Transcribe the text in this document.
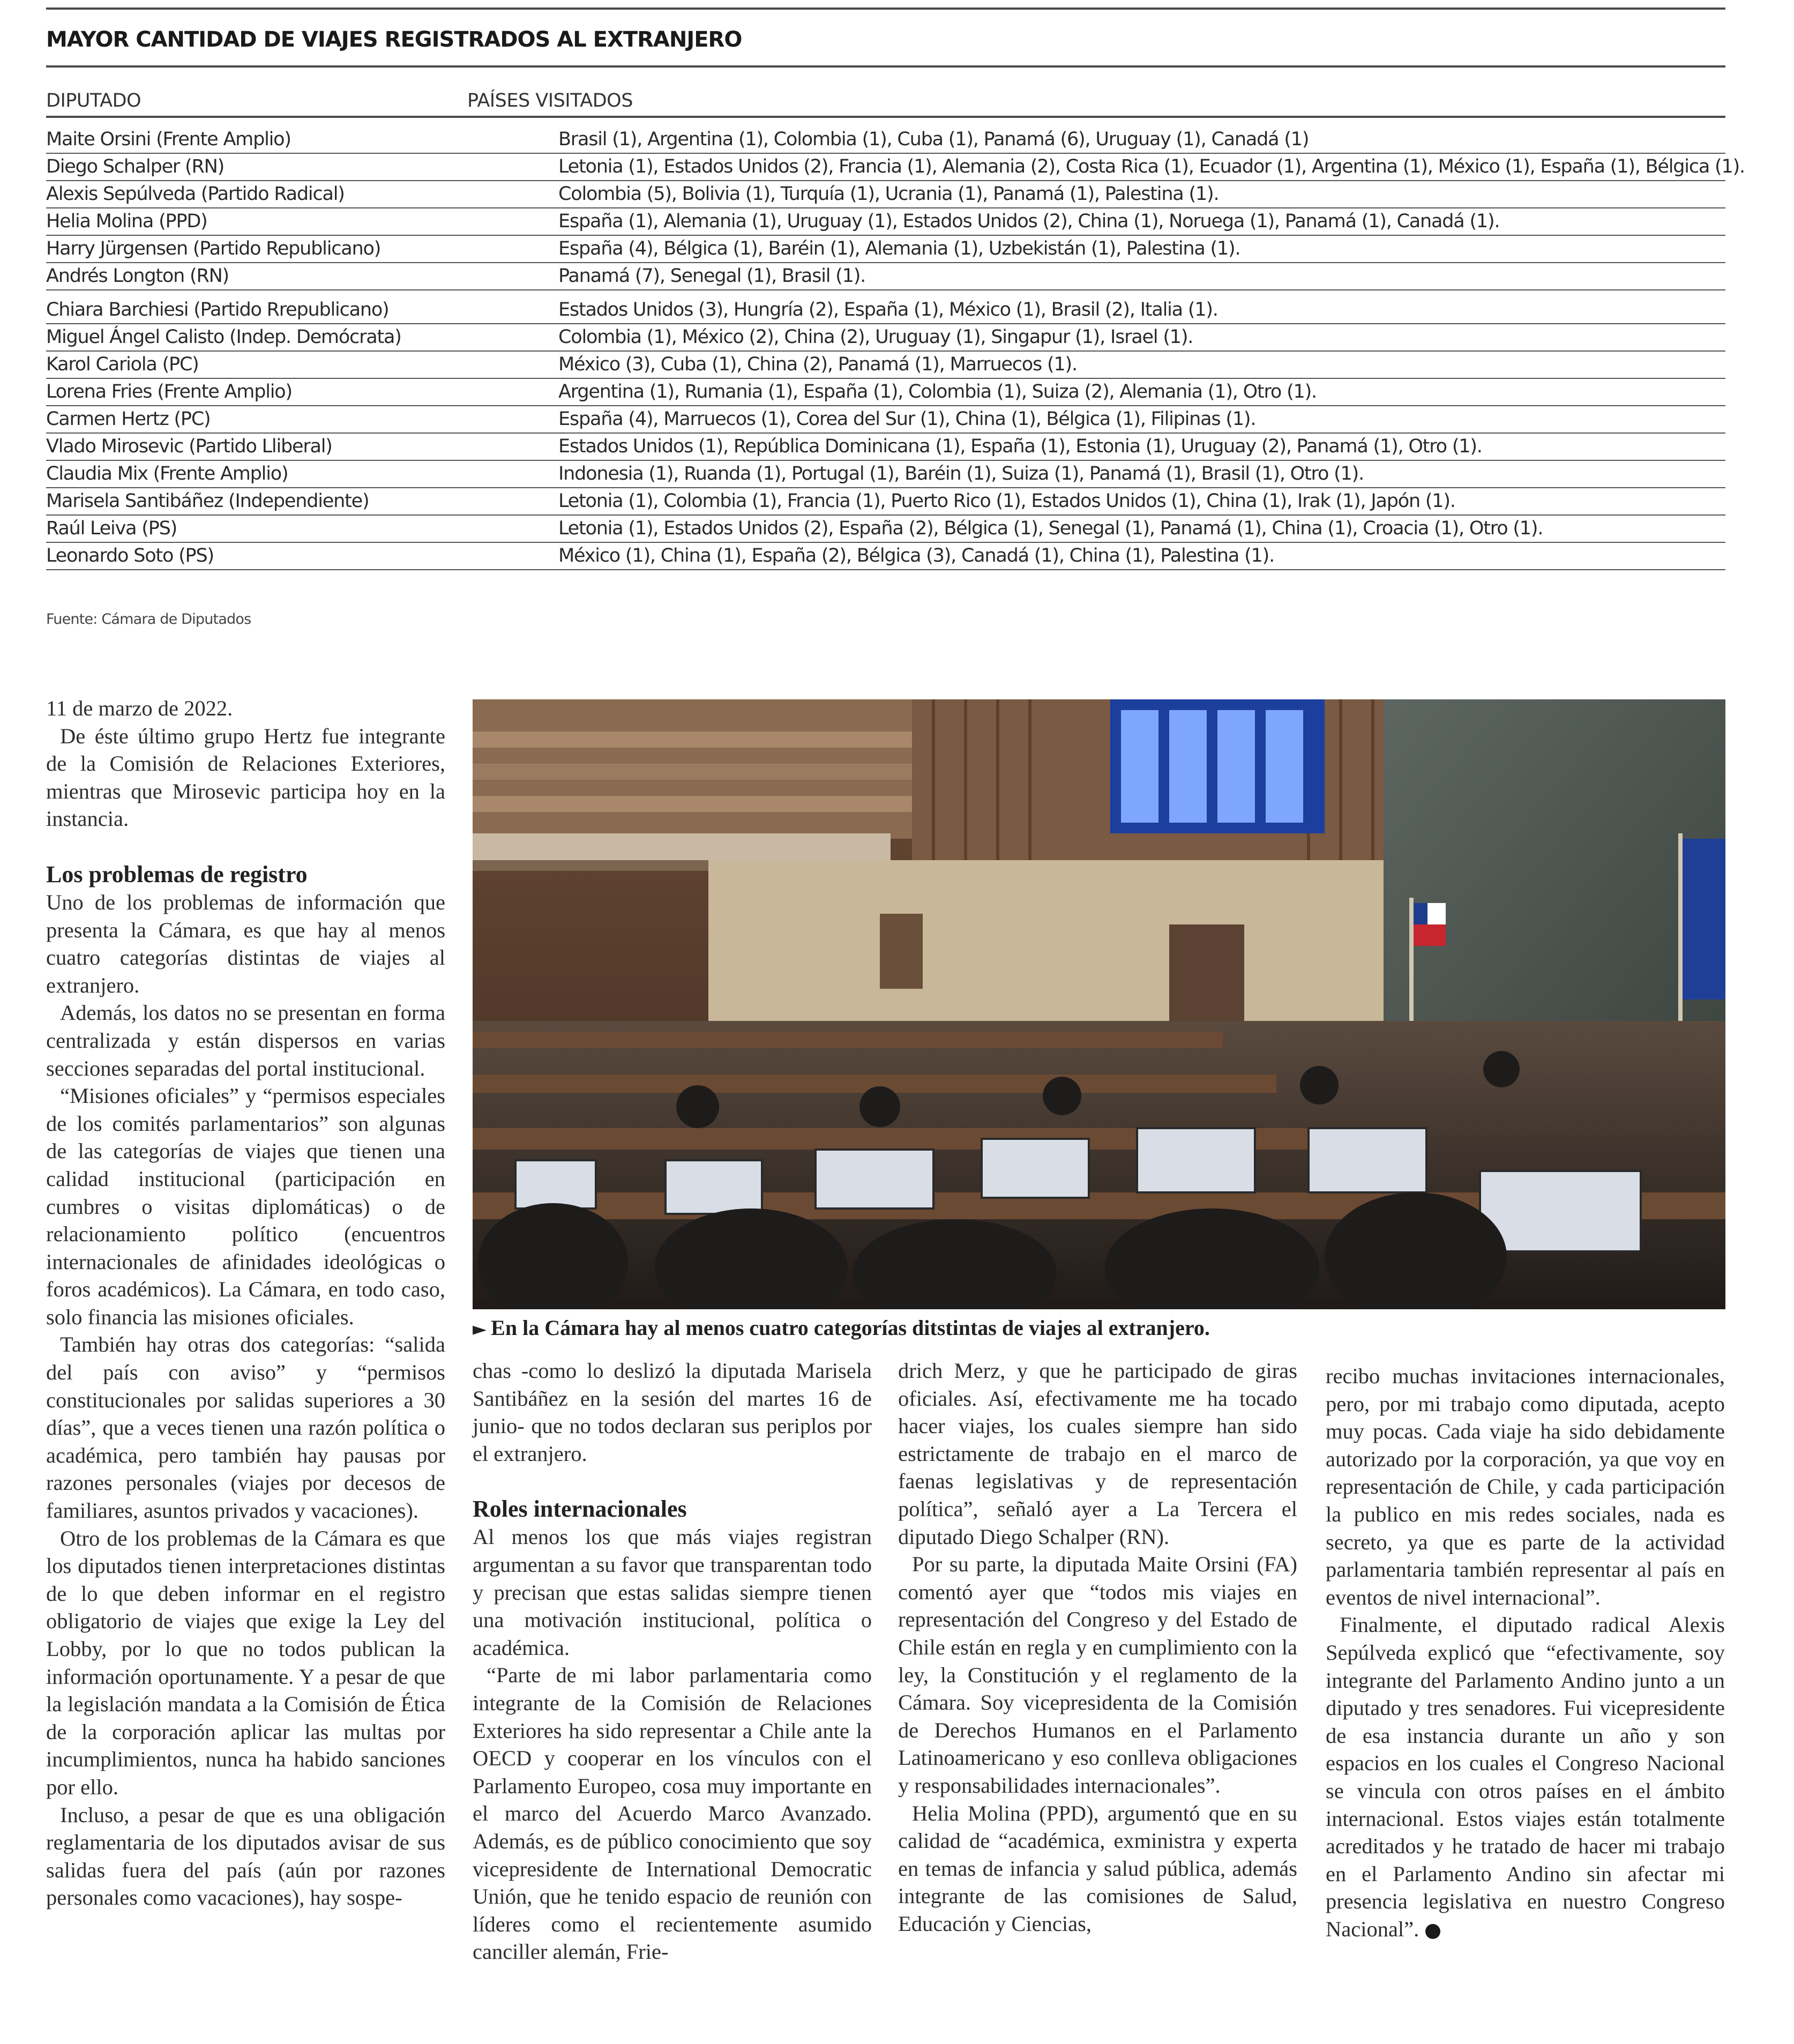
MAYOR CANTIDAD DE VIAJES REGISTRADOS AL EXTRANJERO
DIPUTADO	PAÍSES VISITADOS
Maite Orsini (Frente Amplio)	Brasil (1), Argentina (1), Colombia (1), Cuba (1), Panamá (6), Uruguay (1), Canadá (1)
Diego Schalper (RN)	Letonia (1), Estados Unidos (2), Francia (1), Alemania (2), Costa Rica (1), Ecuador (1), Argentina (1), México (1), España (1), Bélgica (1).
Alexis Sepúlveda (Partido Radical)	Colombia (5), Bolivia (1), Turquía (1), Ucrania (1), Panamá (1), Palestina (1).
Helia Molina (PPD)	España (1), Alemania (1), Uruguay (1), Estados Unidos (2), China (1), Noruega (1), Panamá (1), Canadá (1).
Harry Jürgensen (Partido Republicano)	España (4), Bélgica (1), Baréin (1), Alemania (1), Uzbekistán (1), Palestina (1).
Andrés Longton (RN)	Panamá (7), Senegal (1), Brasil (1).
Chiara Barchiesi (Partido Rrepublicano)	Estados Unidos (3), Hungría (2), España (1), México (1), Brasil (2), Italia (1).
Miguel Ángel Calisto (Indep. Demócrata)	Colombia (1), México (2), China (2), Uruguay (1), Singapur (1), Israel (1).
Karol Cariola (PC)	México (3), Cuba (1), China (2), Panamá (1), Marruecos (1).
Lorena Fries (Frente Amplio)	Argentina (1), Rumania (1), España (1), Colombia (1), Suiza (2), Alemania (1), Otro (1).
Carmen Hertz (PC)	España (4), Marruecos (1), Corea del Sur (1), China (1), Bélgica (1), Filipinas (1).
Vlado Mirosevic (Partido Lliberal)	Estados Unidos (1), República Dominicana (1), España (1), Estonia (1), Uruguay (2), Panamá (1), Otro (1).
Claudia Mix (Frente Amplio)	Indonesia (1), Ruanda (1), Portugal (1), Baréin (1), Suiza (1), Panamá (1), Brasil (1), Otro (1).
Marisela Santibáñez (Independiente)	Letonia (1), Colombia (1), Francia (1), Puerto Rico (1), Estados Unidos (1), China (1), Irak (1), Japón (1).
Raúl Leiva (PS)	Letonia (1), Estados Unidos (2), España (2), Bélgica (1), Senegal (1), Panamá (1), China (1), Croacia (1), Otro (1).
Leonardo Soto (PS)	México (1), China (1), España (2), Bélgica (3), Canadá (1), China (1), Palestina (1).
Fuente: Cámara de Diputados

11 de marzo de 2022.

De éste último grupo Hertz fue integrante de la Comisión de Relaciones Exteriores, mientras que Mirosevic participa hoy en la instancia.

Los problemas de registro

Uno de los problemas de información que presenta la Cámara, es que hay al menos cuatro categorías distintas de viajes al extranjero.

Además, los datos no se presentan en forma centralizada y están dispersos en varias secciones separadas del portal institucional.

“Misiones oficiales” y “permisos especiales de los comités parlamentarios” son algunas de las categorías de viajes que tienen una calidad institucional (participación en cumbres o visitas diplomáticas) o de relacionamiento político (encuentros internacionales de afinidades ideológicas o foros académicos). La Cámara, en todo caso, solo financia las misiones oficiales.

También hay otras dos categorías: “salida del país con aviso” y “permisos constitucionales por salidas superiores a 30 días”, que a veces tienen una razón política o académica, pero también hay pausas por razones personales (viajes por decesos de familiares, asuntos privados y vacaciones).

Otro de los problemas de la Cámara es que los diputados tienen interpretaciones distintas de lo que deben informar en el registro obligatorio de viajes que exige la Ley del Lobby, por lo que no todos publican la información oportunamente. Y a pesar de que la legislación mandata a la Comisión de Ética de la corporación aplicar las multas por incumplimientos, nunca ha habido sanciones por ello.

Incluso, a pesar de que es una obligación reglamentaria de los diputados avisar de sus salidas fuera del país (aún por razones personales como vacaciones), hay sospe-

► En la Cámara hay al menos cuatro categorías ditstintas de viajes al extranjero.

chas -como lo deslizó la diputada Marisela Santibáñez en la sesión del martes 16 de junio- que no todos declaran sus periplos por el extranjero.

Roles internacionales

Al menos los que más viajes registran argumentan a su favor que transparentan todo y precisan que estas salidas siempre tienen una motivación institucional, política o académica.

“Parte de mi labor parlamentaria como integrante de la Comisión de Relaciones Exteriores ha sido representar a Chile ante la OECD y cooperar en los vínculos con el Parlamento Europeo, cosa muy importante en el marco del Acuerdo Marco Avanzado. Además, es de público conocimiento que soy vicepresidente de International Democratic Unión, que he tenido espacio de reunión con líderes como el recientemente asumido canciller alemán, Frie-

drich Merz, y que he participado de giras oficiales. Así, efectivamente me ha tocado hacer viajes, los cuales siempre han sido estrictamente de trabajo en el marco de faenas legislativas y de representación política”, señaló ayer a La Tercera el diputado Diego Schalper (RN).

Por su parte, la diputada Maite Orsini (FA) comentó ayer que “todos mis viajes en representación del Congreso y del Estado de Chile están en regla y en cumplimiento con la ley, la Constitución y el reglamento de la Cámara. Soy vicepresidenta de la Comisión de Derechos Humanos en el Parlamento Latinoamericano y eso conlleva obligaciones y responsabilidades internacionales”.

Helia Molina (PPD), argumentó que en su calidad de “académica, exministra y experta en temas de infancia y salud pública, además integrante de las comisiones de Salud, Educación y Ciencias,

recibo muchas invitaciones internacionales, pero, por mi trabajo como diputada, acepto muy pocas. Cada viaje ha sido debidamente autorizado por la corporación, ya que voy en representación de Chile, y cada participación la publico en mis redes sociales, nada es secreto, ya que es parte de la actividad parlamentaria también representar al país en eventos de nivel internacional”.

Finalmente, el diputado radical Alexis Sepúlveda explicó que “efectivamente, soy integrante del Parlamento Andino junto a un diputado y tres senadores. Fui vicepresidente de esa instancia durante un año y son espacios en los cuales el Congreso Nacional se vincula con otros países en el ámbito internacional. Estos viajes están totalmente acreditados y he tratado de hacer mi trabajo en el Parlamento Andino sin afectar mi presencia legislativa en nuestro Congreso Nacional”.
